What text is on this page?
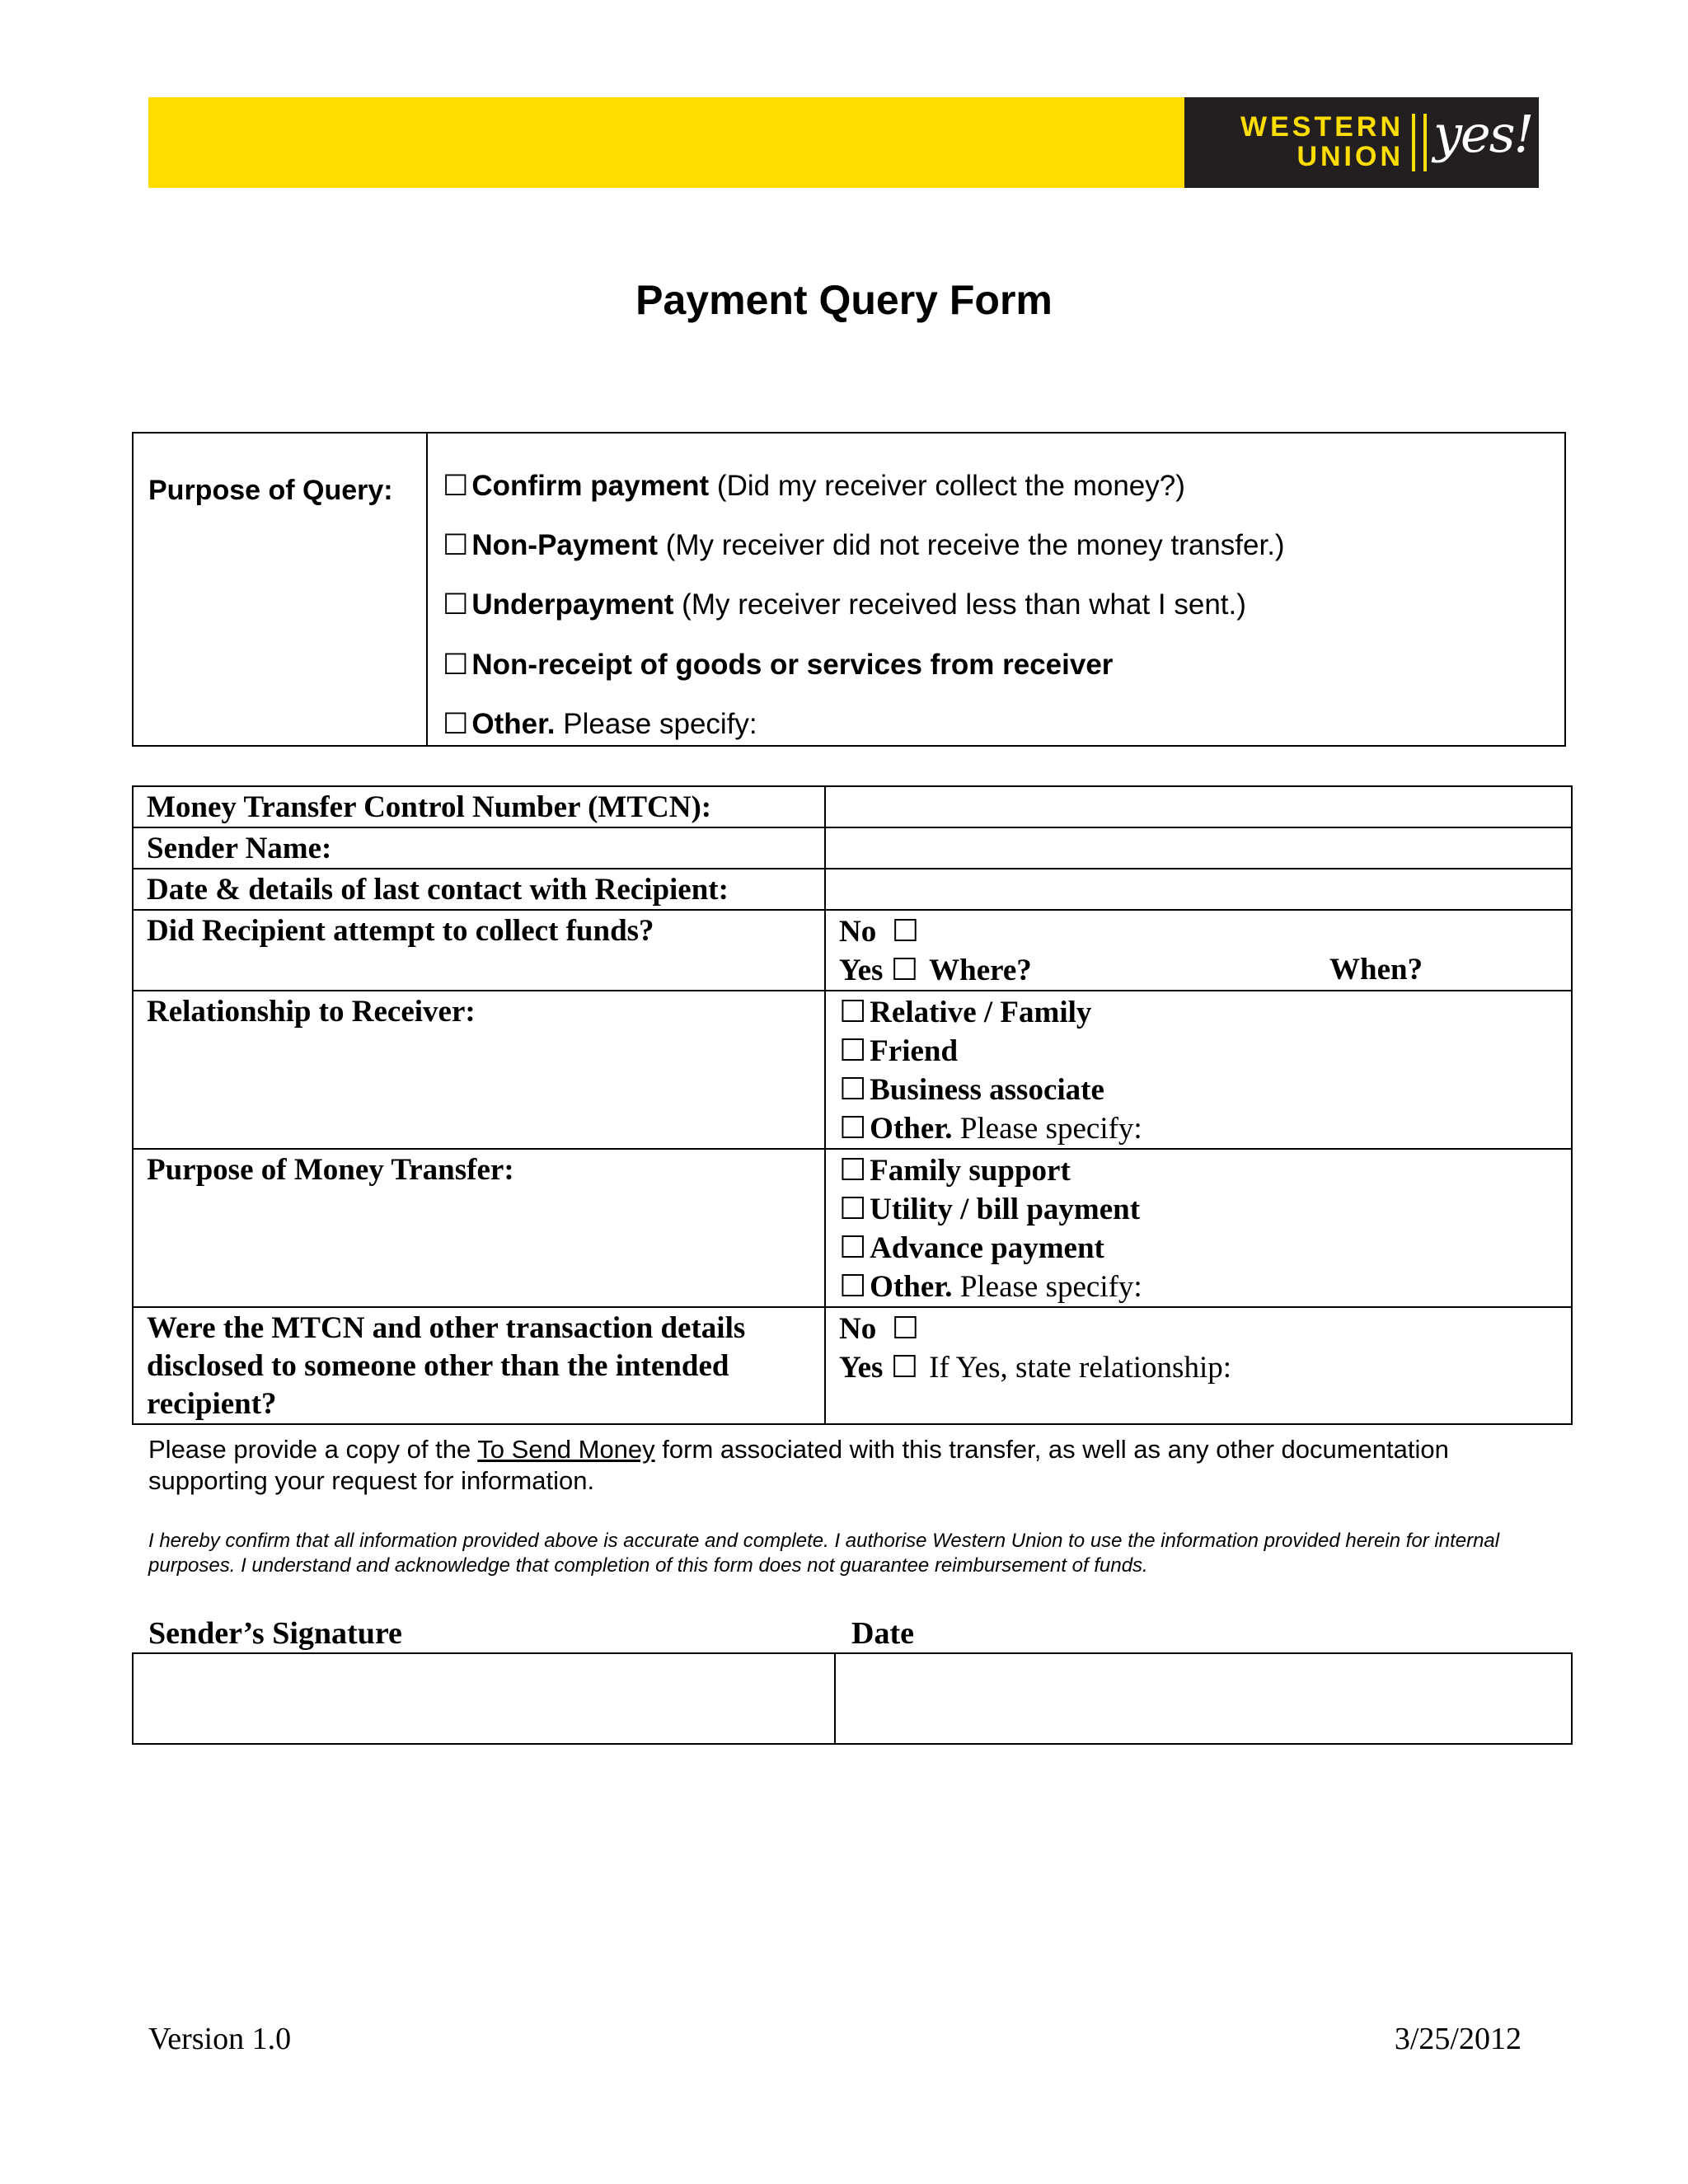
WESTERN
UNION yes!
Payment Query Form
Purpose of Query: ☐ Confirm payment (Did my receiver collect the money?)
☐ Non-Payment (My receiver did not receive the money transfer.)
☐ Underpayment (My receiver received less than what I sent.)
☐ Non-receipt of goods or services from receiver
☐ Other. Please specify:
Money Transfer Control Number (MTCN):	
Sender Name:	
Date & details of last contact with Recipient:	
Did Recipient attempt to collect funds?	No ☐
Yes ☐ Where? When?

Relationship to Receiver:	☐ Relative / Family
☐ Friend
☐ Business associate
☐ Other. Please specify:

Purpose of Money Transfer:	☐ Family support
☐ Utility / bill payment
☐ Advance payment
☐ Other. Please specify:

Were the MTCN and other transaction details disclosed to someone other than the intended recipient?	No ☐
Yes ☐ If Yes, state relationship:
Please provide a copy of the To Send Money form associated with this transfer, as well as any other documentation supporting your request for information.
I hereby confirm that all information provided above is accurate and complete. I authorise Western Union to use the information provided herein for internal purposes. I understand and acknowledge that completion of this form does not guarantee reimbursement of funds.
Sender’s Signature	Date
Version 1.0	3/25/2012
